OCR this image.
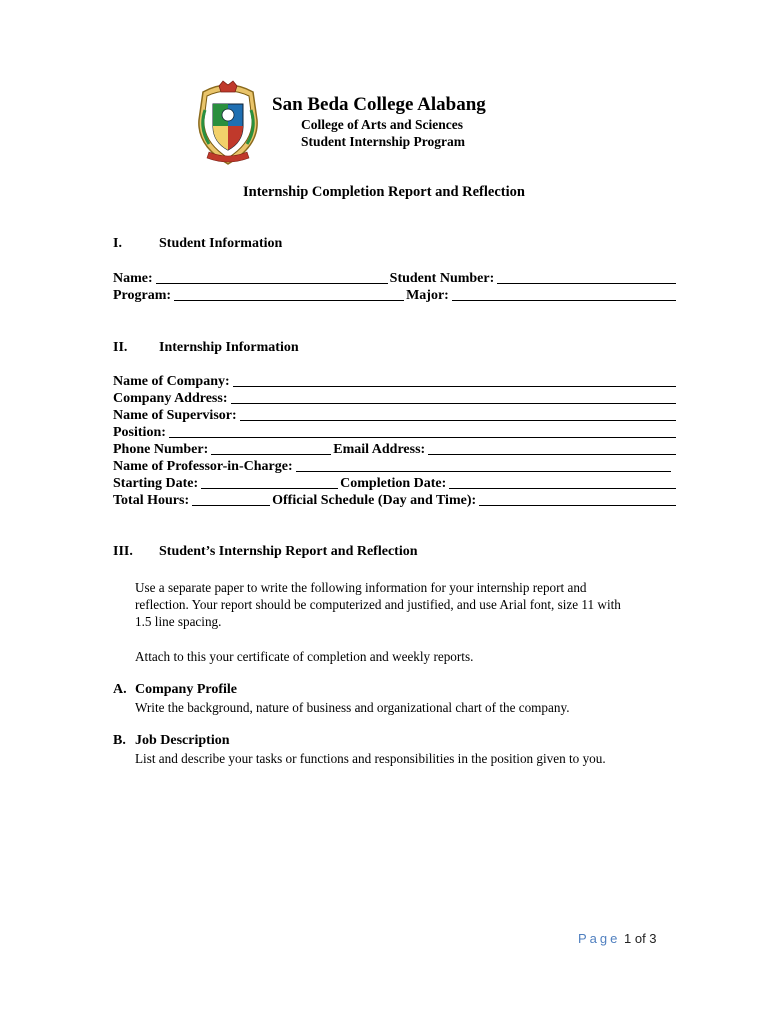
San Beda College Alabang
College of Arts and Sciences
Student Internship Program
Internship Completion Report and Reflection
I.	Student Information
Name:	Student Number:
Program:	Major:
II. Internship Information
Name of Company:
Company Address:
Name of Supervisor:
Position:
Phone Number:	Email Address:
Name of Professor-in-Charge:
Starting Date:	Completion Date:
Total Hours:	Official Schedule (Day and Time):
III. Student’s Internship Report and Reflection
Use a separate paper to write the following information for your internship report and
reflection. Your report should be computerized and justified, and use Arial font, size 11 with
1.5 line spacing.
Attach to this your certificate of completion and weekly reports.
A. Company Profile
Write the background, nature of business and organizational chart of the company.
B. Job Description
List and describe your tasks or functions and responsibilities in the position given to you.
Page 1 of 3
